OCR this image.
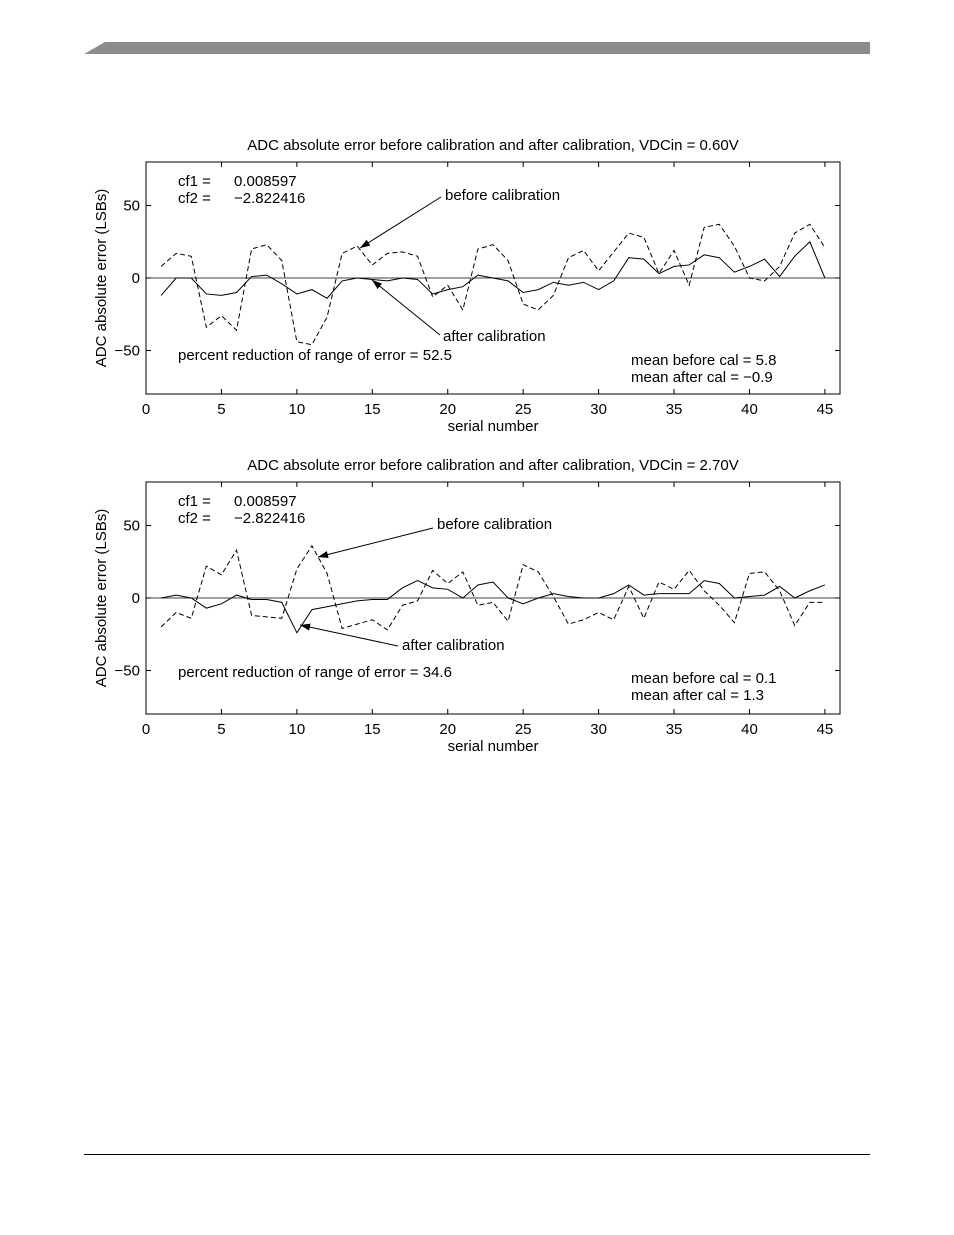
ADC absolute error before calibration and after calibration, VDCin = 0.60V
0	5	10	15	20	25	30	35	40	45
50
0
−50
serial number
ADC absolute error (LSBs)
cf1 = 0.008597
cf2 = −2.822416
percent reduction of range of error = 52.5	mean before cal = 5.8
mean after cal = −0.9
before calibration
after calibration
ADC absolute error before calibration and after calibration, VDCin = 2.70V
0	5	10	15	20	25	30	35	40	45
50
0
−50
serial number
ADC absolute error (LSBs)
cf1 = 0.008597
cf2 = −2.822416
percent reduction of range of error = 34.6	mean before cal = 0.1
mean after cal = 1.3
before calibration
after calibration
